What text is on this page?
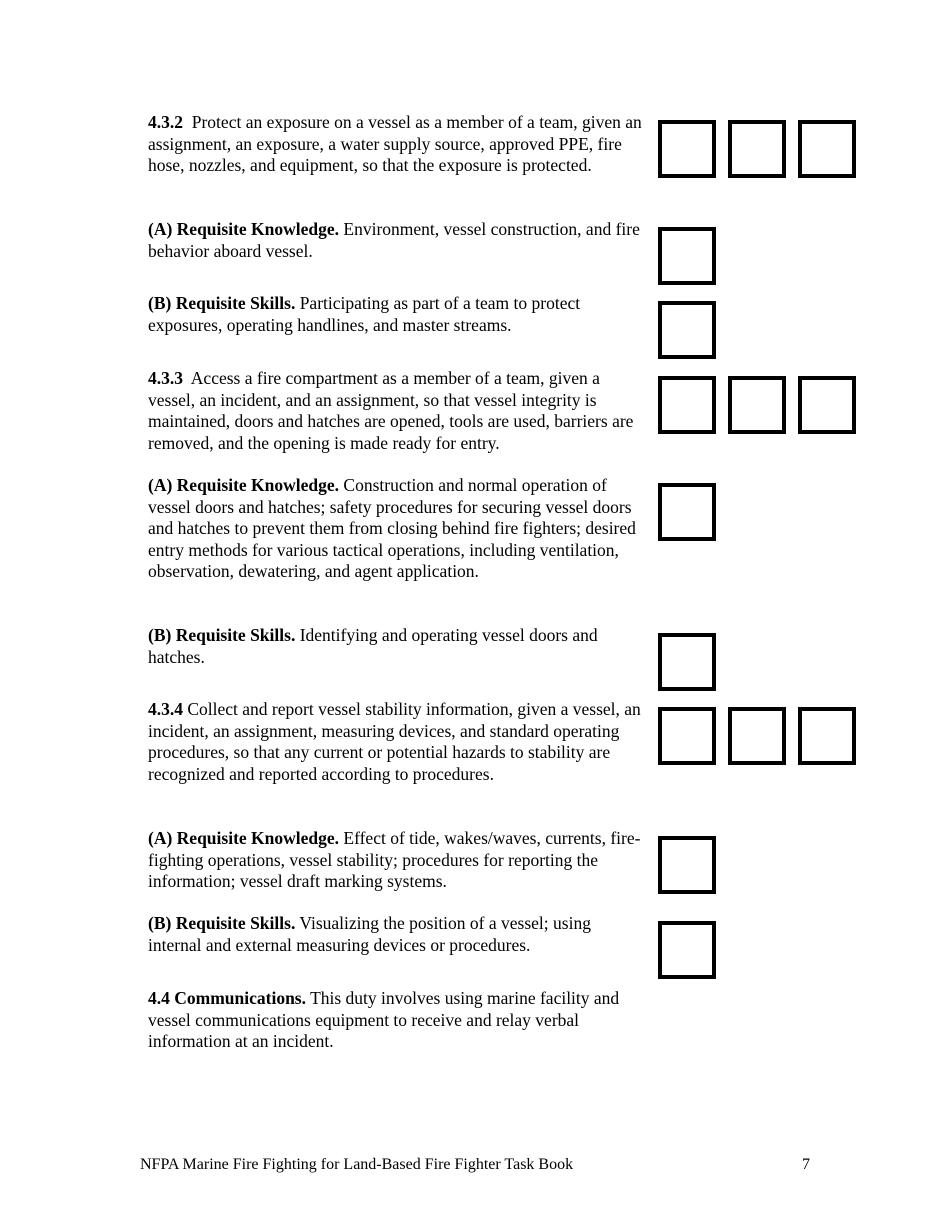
4.3.2 Protect an exposure on a vessel as a member of a team, given an assignment, an exposure, a water supply source, approved PPE, fire hose, nozzles, and equipment, so that the exposure is protected.

(A) Requisite Knowledge. Environment, vessel construction, and fire behavior aboard vessel.

(B) Requisite Skills. Participating as part of a team to protect exposures, operating handlines, and master streams.

4.3.3 Access a fire compartment as a member of a team, given a vessel, an incident, and an assignment, so that vessel integrity is maintained, doors and hatches are opened, tools are used, barriers are removed, and the opening is made ready for entry.

(A) Requisite Knowledge. Construction and normal operation of vessel doors and hatches; safety procedures for securing vessel doors and hatches to prevent them from closing behind fire fighters; desired entry methods for various tactical operations, including ventilation, observation, dewatering, and agent application.

(B) Requisite Skills. Identifying and operating vessel doors and hatches.

4.3.4 Collect and report vessel stability information, given a vessel, an incident, an assignment, measuring devices, and standard operating procedures, so that any current or potential hazards to stability are recognized and reported according to procedures.

(A) Requisite Knowledge. Effect of tide, wakes/waves, currents, fire-fighting operations, vessel stability; procedures for reporting the information; vessel draft marking systems.

(B) Requisite Skills. Visualizing the position of a vessel; using internal and external measuring devices or procedures.

4.4 Communications. This duty involves using marine facility and vessel communications equipment to receive and relay verbal information at an incident.

NFPA Marine Fire Fighting for Land-Based Fire Fighter Task Book	7
